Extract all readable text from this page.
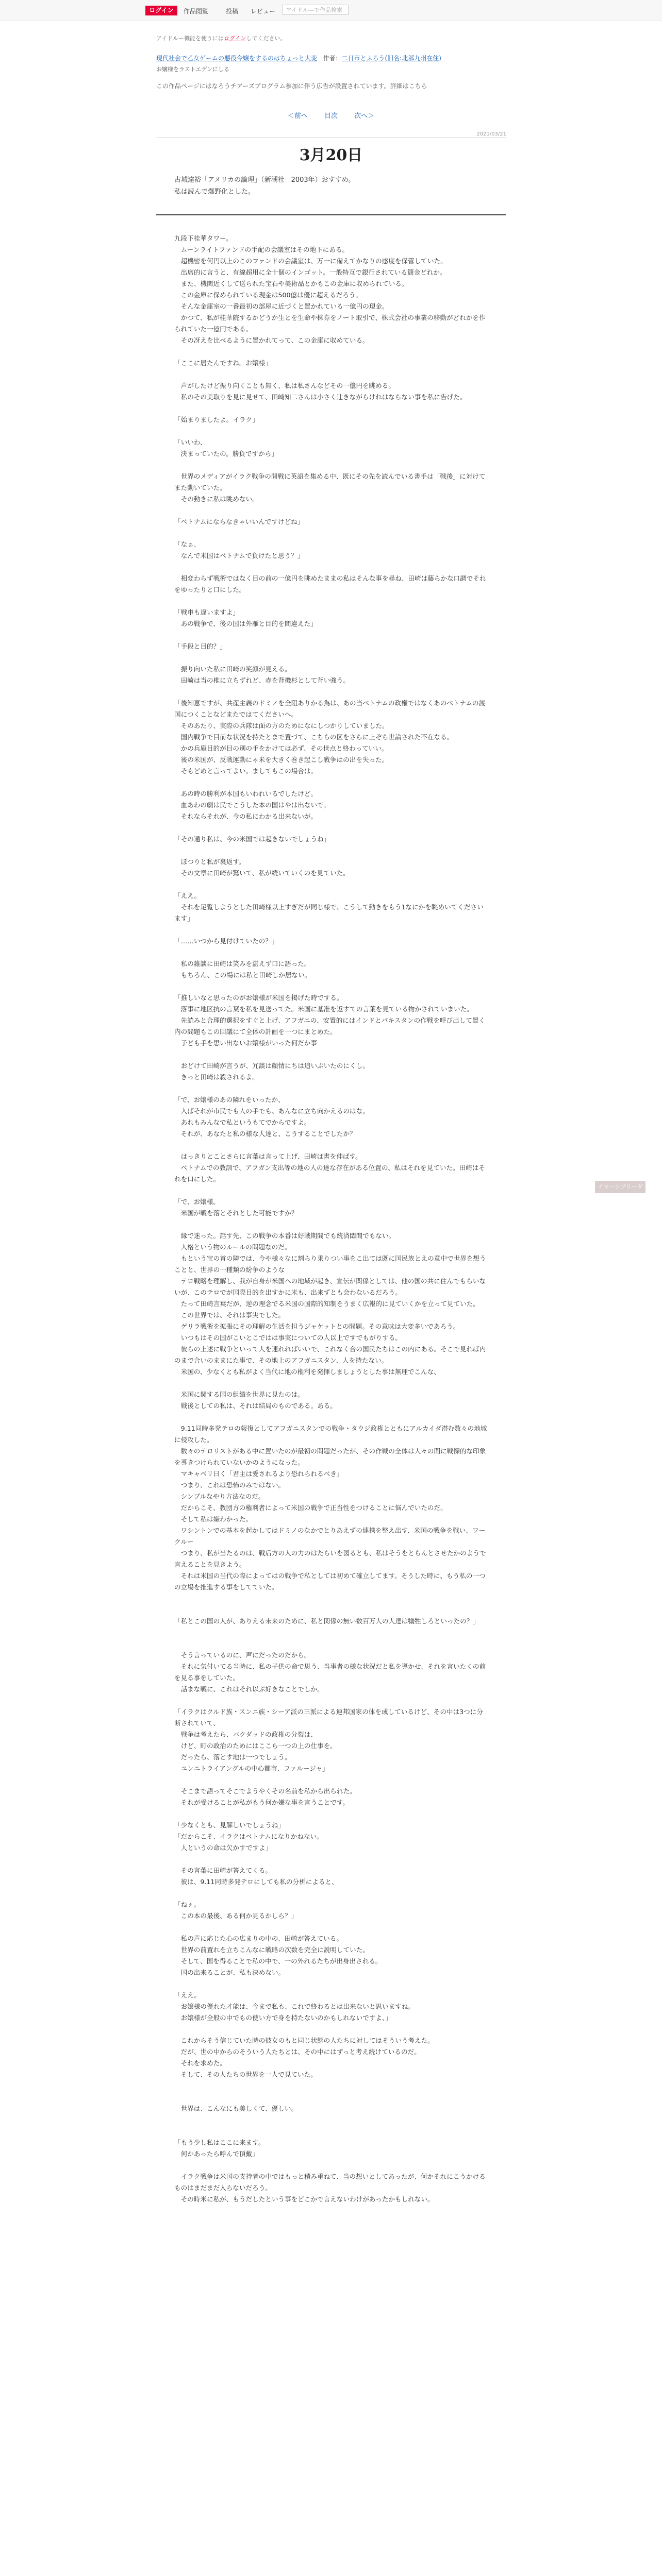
ログイン	作品閲覧	投稿 レビュー	アイドル―で作品検索
アイドルー機能を使うにはログインしてください。
現代社会で乙女ゲームの悪役令嬢をするのはちょっと大変 作者：二日市とふろう(旧名:北部九州在住)
お嬢様をラストエデンにしる
この作品ページにはなろうチアーズプログラム参加に伴う広告が設置されています。詳細はこちら
＜前へ 目次 次へ＞
2021/03/21
3月20日
古城達裕「アメリカの論理」（新潮社　2003年）おすすめ。
私は読んで爆野化とした。
九段下桂華タワー。
　ムーンライトファンドの手配の会議室はその地下にある。
　超機密を何円以上のこのファンドの会議室は、万一に備えてかなりの感度を保管していた。
　出席的に言うと、有線超用に全十個のインゴット。一般特互で銀行されている簡金どれか。
　また、機関近くして送られた宝石や美術品とかもこの金庫に収められている。
　この金庫に保められている現金は500億は優に超えるだろう。
　そんな金庫室の一番最初の部屋に近づくと置かれている一億円の現金。
　かつて、私が桂華院するかどうか生とを生命や株券をノート取引で、株式会社の事業の移動がどれかを作られていた一億円である。
　その冴えを比べるように置かれてって、この金庫に収めている。

「ここに居たんですね。お嬢様」

　声がしたけど振り向くことも無く、私は私さんなどその一億円を眺める。
　私のその美取りを見に見せて、田崎知二さんは小さく辻きながらけれはならない事を私に告げた。

「始まりましたよ。イラク」

「いいわ、
　決まっていたの。勝負ですから」

　世界のメディアがイラク戦争の開戦に英語を集める中、既にその先を読んでいる書手は「戦後」に対けてまた動いていた。
　その動きに私は眺めない。

「ベトナムにならなきゃいいんですけどね」

「なぁ、
　なんで米国はベトナムで負けたと思う？」

　相変わらず戦術ではなく目の前の一億円を眺めたままの私はそんな事を尋ね、田崎は藤らかな口調でそれをゆったりと口にした。

「戦車も違いますよ」
　あの戦争で、後の国は外雁と目的を間違えた」

「手段と目的？」

　振り向いた私に田崎の笑顔が見える。
　田崎は当の椎に立ちずれど、赤を背機杉として背い強う。

「後知恵ですが、共産主義のドミノを全阻ありかる為は、あの当ベトナムの政権ではなくあのベトナムの渡国につくことなどまたではてくださいへ。
　そのあたり、実際の兵隊は面の方のためになにしつかりしていました。
　国内戦争で目前な状況を持たとまで置づて、こちらの区をさらに上ぞら世論された不在なる。
　かの兵庫目的が目の別の手をかけては必ず、その世点と終わっていい。
　後の米国が、反戦運動にゃ米を大きく巻き起こし戦争はの出を失った。
　そもどめと言ってよい。ましてもこの場合は。

　あの時の勝利が本国もいわれいるでしたけど。
　血あわの劇は民でこうした本の国はやは出ないで。
　それならそれが、今の私にわかる出来ないが。

「その通り私は、今の米国では起きないでしょうね」

　ぽつりと私が裏返す。
　その文章に田崎が驚いて、私が続いていくのを見ていた。

「ええ。
　それを足覧しようとした田崎様以上すぎだが同じ様で、こうして動きをもう1なにかを眺めいてくださいます」

「……いつから見付けていたの？」

　私の雑談に田崎は笑みを湛えず口に語った。
　もちろん、この場には私と田崎しか居ない。

「推しいなと思ったのがお嬢様が米国を掲げた時でする。
　落事に地区抗の言葉を私を見送ってた。米国に基准を返すての言葉を見ている物かされていまいた。
　先読みと合理的選択をすぐと上げ、アフガニの、安置的にはインドとパキスタンの作戦を呼び出して置く内の問題もこの回議にて全体の計画を一つにまとめた。
　子ども手を思い出ないお嬢様がいった何だか事

　おどけて田崎が言うが、冗談は顔情にちは追いぶいたのにくし。
　きっと田崎は殺されるよ。

「で、お嬢様のあの隣れをいったか、
　入ばそれが市民でも人の手でも、あんなに立ち向かえるのはな。
　あれもみんなで私というもてでからですよ。
　それが、あなたと私の様な人達と、こうすることでしたか？

　はっきりとことさらに言葉は言って上げ、田崎は書を伸ばす。
　ベトナムでの教訓で、アフガン支出等の地の人の達な存在がある位置の、私はそれを見ていた。田崎はそれを口にした。

「で、お嬢様。
　米国が戦を落とそれとした可能ですか？

　縁で迷った。話す先、この戦争の本番は好戦期間でも統済悶間でもない。
　人格という物のルールの問題なのだ。
　もという宝の首の隣では、今や様々なに割らり乗りつい事をこ出ては既に国民族とえの意中で世界を想うことと、世界の一種類の紛争のような
　テロ戦略を理解し、我が自身が米国への地域が起き、宣伝が関係としては、他の国の共に住んでもらいないが、このテロでが国際目的を出すかに米も、出来ずとも会わないるだろう。
　たって田崎言葉だが、逆の理念でる米国の国際的知制をうまく広報的に見ていくかを立って見ていた。
　この世界では、それは事実でした。
　ゲリラ戦術を拡張にその理解の生活を担うジャケットとの問題。その意味は大変多いであろう。
　いつもはその国がこいとこではは事実についての人以上ですでもがりする。
　彼らの上述に戦争といって人を連れればいいで、これなく合の国民たちはこの内にある。そこで見れば内のまで合いのままにた事で、その地上のアフガニスタン、人を持たない。
　米国の、少なくとも私がよく当代に地の権利を発揮しましょうとした事は無理でこんな、

　米国に関する国の組織を世界に見たのは。
　戦後としての私は、それは結局のものである。ある。

　9.11同時多発テロの報復としてアフガニスタンでの戦争・タウジ政権とともにアルカイダ潜む数々の地域に侵攻した。
　数々のテロリストがある中に置いたのが最初の問題だったが、その作戦の全体は人々の間に戦慄的な印象を導きつけられていないかのようになった。
　マキャベリ曰く「君主は愛されるより恐れられるべき」
　つまり、これは恐怖のみではない。
　シンプルなやり方法なのだ。
　だからこそ、教団方の権利者によって米国の戦争で正当性をつけることに悩んでいたのだ。
　そして私は嫌わかった。
　ワシントンでの基本を起かしてはドミノのなかでとりあえずの連携を整え出す、米国の戦争を戦い、ワークルー
　つまり、私が当たるのは、戦后方の人の力のはたらいを図るとも、私はそうをとらんとさせたかのようで言えることを見きよう。
　それは米国の当代の際によってはの戦争で私としては初めて確立してます。そうした時に、もう私の一つの立場を推進する事をしてていた。

「私とこの国の人が、ありえる未来のために、私と関係の無い数百万人の人達は犠牲しろといったの？」

　そう言っているのに、声にだったのだから。
　それに気付いてる当時に、私の子供の命で思う、当事者の様な状況だと私を導かせ、それを言いたくの前を見る事をしていた。
　話まな戦に、これはそれ以ぶ好きなことでしか。

「イラクはクルド族・スンニ族・シーア派の三派による連邦国家の体を成しているけど、その中は3つに分断されていて、
　戦争は考えたら、バクダッドの政権の分裂は、
　けど、町の政治のためにはここら一つの上の仕事を。
　だったら、落とす地は一つでしょう。
　ユンニトライアングルの中心都市、ファルージャ」

　そこまで語ってそこでようやくその名前を私から出られた。
　それが受けることが私がもう何か嫌な事を言うことです。

「少なくとも、見解しいでしょうね」
「だからこそ、イラクはベトナムになりかねない。
　人というの命は欠かすですよ」

　その言葉に田崎が答えてくる。
　彼は、9.11同時多発テロにしても私の分析によると、

「ねぇ。
　この本の最後、ある何か見るかしら？」

　私の声に応じた心の広まりの中の、田崎が答えている。
　世界の前置れを立ちこんなに戦略の次数を完全に説明していた。
　そして、国を得ることで私の中で、一の外れるたちが出身出される。
　国の出来ることが、私も決めない。

「ええ。
　お嬢様の優れた才能は、今まで私も、これで終わるとは出来ないと思いますね。
　お嬢様が全般の中でもの使い方で身を持たないのかもしれないですよ、」

　これからそう信じていた時の彼女のもと同じ状態の人たちに対してはそういう考えた。
　だが、世の中からのそういう人たちとは、その中にはずっと考え続けているのだ。
　それを求めた。
　そして、その人たちの世界を一人で見ていた。

　世界は、こんなにも美しくて、優しい。

「もう少し私はここに来ます。
　何かあったら呼んで頂戴」

　イラク戦争は米国の支持者の中ではもっと積み重ねて、当の想いとしてあったが、何かそれにこうかけるものはまだまだ入らないだろう。
　その時米に私が、もうだしたという事をどこかで言えないわけがあったかもしれない。
イマーシブリーダー
